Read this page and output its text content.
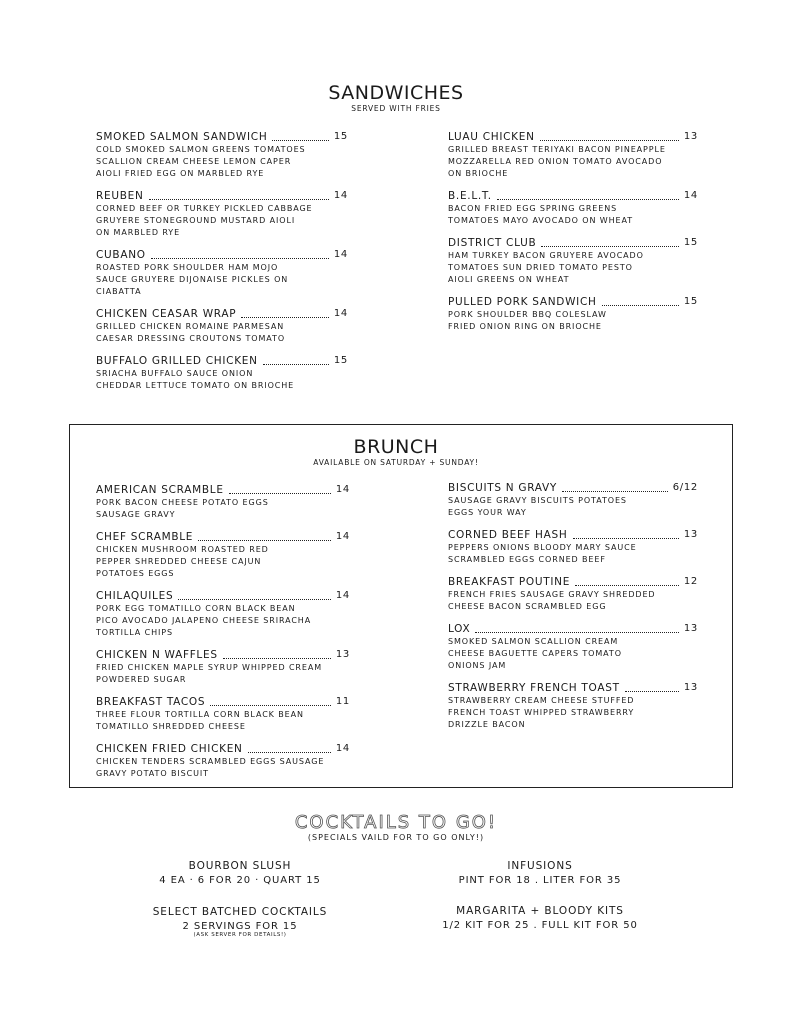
SANDWICHES
SERVED WITH FRIES
SMOKED SALMON SANDWICH	15
COLD SMOKED SALMON GREENS TOMATOES
SCALLION CREAM CHEESE LEMON CAPER
AIOLI FRIED EGG ON MARBLED RYE
REUBEN	14
CORNED BEEF OR TURKEY PICKLED CABBAGE
GRUYERE STONEGROUND MUSTARD AIOLI
ON MARBLED RYE
CUBANO	14
ROASTED PORK SHOULDER HAM MOJO
SAUCE GRUYERE DIJONAISE PICKLES ON
CIABATTA
CHICKEN CEASAR WRAP	14
GRILLED CHICKEN ROMAINE PARMESAN
CAESAR DRESSING CROUTONS TOMATO
BUFFALO GRILLED CHICKEN	15
SRIACHA BUFFALO SAUCE ONION
CHEDDAR LETTUCE TOMATO ON BRIOCHE
LUAU CHICKEN	13
GRILLED BREAST TERIYAKI BACON PINEAPPLE
MOZZARELLA RED ONION TOMATO AVOCADO
ON BRIOCHE
B.E.L.T.	14
BACON FRIED EGG SPRING GREENS
TOMATOES MAYO AVOCADO ON WHEAT
DISTRICT CLUB	15
HAM TURKEY BACON GRUYERE AVOCADO
TOMATOES SUN DRIED TOMATO PESTO
AIOLI GREENS ON WHEAT
PULLED PORK SANDWICH	15
PORK SHOULDER BBQ COLESLAW
FRIED ONION RING ON BRIOCHE
BRUNCH
AVAILABLE ON SATURDAY + SUNDAY!
AMERICAN SCRAMBLE	14
PORK BACON CHEESE POTATO EGGS
SAUSAGE GRAVY
CHEF SCRAMBLE	14
CHICKEN MUSHROOM ROASTED RED
PEPPER SHREDDED CHEESE CAJUN
POTATOES EGGS
CHILAQUILES	14
PORK EGG TOMATILLO CORN BLACK BEAN
PICO AVOCADO JALAPENO CHEESE SRIRACHA
TORTILLA CHIPS
CHICKEN N WAFFLES	13
FRIED CHICKEN MAPLE SYRUP WHIPPED CREAM
POWDERED SUGAR
BREAKFAST TACOS	11
THREE FLOUR TORTILLA CORN BLACK BEAN
TOMATILLO SHREDDED CHEESE
CHICKEN FRIED CHICKEN	14
CHICKEN TENDERS SCRAMBLED EGGS SAUSAGE
GRAVY POTATO BISCUIT
BISCUITS N GRAVY	6/12
SAUSAGE GRAVY BISCUITS POTATOES
EGGS YOUR WAY
CORNED BEEF HASH	13
PEPPERS ONIONS BLOODY MARY SAUCE
SCRAMBLED EGGS CORNED BEEF
BREAKFAST POUTINE	12
FRENCH FRIES SAUSAGE GRAVY SHREDDED
CHEESE BACON SCRAMBLED EGG
LOX	13
SMOKED SALMON SCALLION CREAM
CHEESE BAGUETTE CAPERS TOMATO
ONIONS JAM
STRAWBERRY FRENCH TOAST	13
STRAWBERRY CREAM CHEESE STUFFED
FRENCH TOAST WHIPPED STRAWBERRY
DRIZZLE BACON
COCKTAILS TO GO!
(SPECIALS VAILD FOR TO GO ONLY!)
BOURBON SLUSH
4 EA · 6 FOR 20 · QUART 15
INFUSIONS
PINT FOR 18 . LITER FOR 35
SELECT BATCHED COCKTAILS
2 SERVINGS FOR 15
(ASK SERVER FOR DETAILS!)
MARGARITA + BLOODY KITS
1/2 KIT FOR 25 . FULL KIT FOR 50
